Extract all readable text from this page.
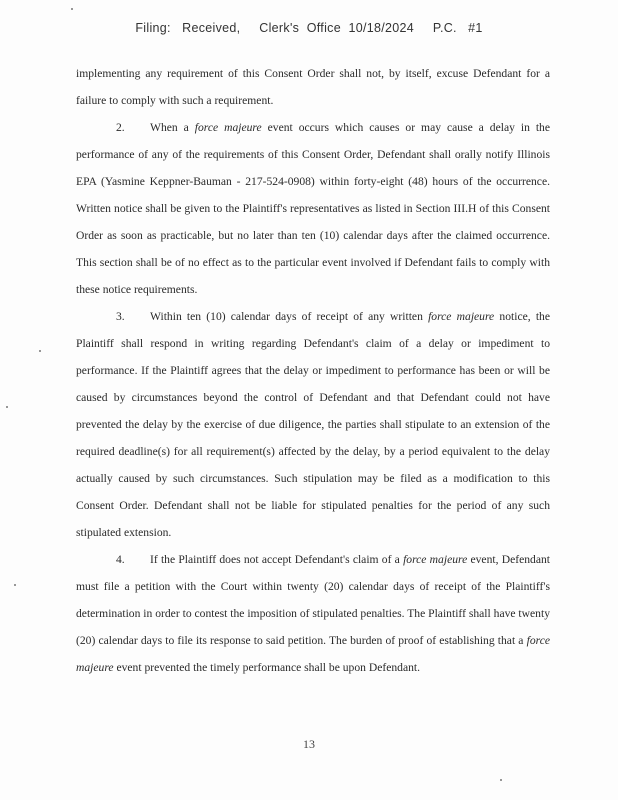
Filing:   Received,     Clerk's  Office  10/18/2024     P.C.   #1

implementing any requirement of this Consent Order shall not, by itself, excuse Defendant for a failure to comply with such a requirement.

2. When a force majeure event occurs which causes or may cause a delay in the performance of any of the requirements of this Consent Order, Defendant shall orally notify Illinois EPA (Yasmine Keppner-Bauman - 217-524-0908) within forty-eight (48) hours of the occurrence. Written notice shall be given to the Plaintiff's representatives as listed in Section III.H of this Consent Order as soon as practicable, but no later than ten (10) calendar days after the claimed occurrence. This section shall be of no effect as to the particular event involved if Defendant fails to comply with these notice requirements.

3. Within ten (10) calendar days of receipt of any written force majeure notice, the Plaintiff shall respond in writing regarding Defendant's claim of a delay or impediment to performance. If the Plaintiff agrees that the delay or impediment to performance has been or will be caused by circumstances beyond the control of Defendant and that Defendant could not have prevented the delay by the exercise of due diligence, the parties shall stipulate to an extension of the required deadline(s) for all requirement(s) affected by the delay, by a period equivalent to the delay actually caused by such circumstances. Such stipulation may be filed as a modification to this Consent Order. Defendant shall not be liable for stipulated penalties for the period of any such stipulated extension.

4. If the Plaintiff does not accept Defendant's claim of a force majeure event, Defendant must file a petition with the Court within twenty (20) calendar days of receipt of the Plaintiff's determination in order to contest the imposition of stipulated penalties. The Plaintiff shall have twenty (20) calendar days to file its response to said petition. The burden of proof of establishing that a force majeure event prevented the timely performance shall be upon Defendant.

13
